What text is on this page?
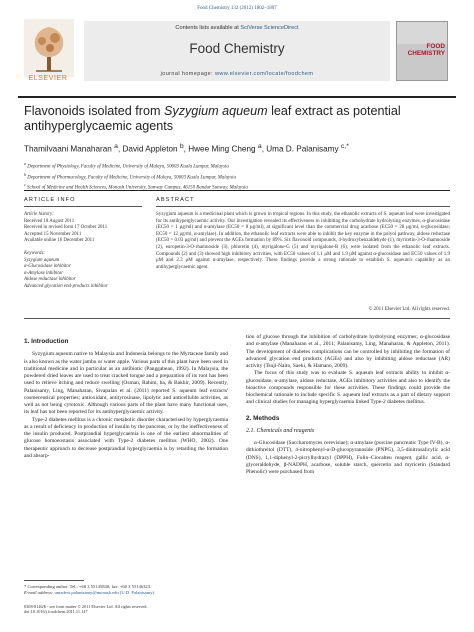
Food Chemistry 132 (2012) 1802–1807
ELSEVIER
Contents lists available at SciVerse ScienceDirect
Food Chemistry
journal homepage: www.elsevier.com/locate/foodchem
FOOD CHEMISTRY
Flavonoids isolated from Syzygium aqueum leaf extract as potential antihyperglycaemic agents
Thamilvaani Manaharan $^a$, David Appleton $^b$, Hwee Ming Cheng $^a$, Uma D. Palanisamy $^{c,*}$
$^a$ Department of Physiology, Faculty of Medicine, University of Malaya, 50603 Kuala Lumpur, Malaysia
$^b$ Department of Pharmacology, Faculty of Medicine, University of Malaya, 50603 Kuala Lumpur, Malaysia
$^c$ School of Medicine and Health Sciences, Monash University, Sunway Campus, 46150 Bandar Sunway, Malaysia
ARTICLE INFO	ABSTRACT
Article history:
Received 18 August 2011
Received in revised form 17 October 2011
Accepted 15 November 2011
Available online 16 December 2011
Keywords:
Syzygium aqueum
α-Glucosidase inhibitor
α-Amylase inhibitor
Aldose reductase inhibitor
Advanced glycation end-products inhibitor
Syzygium aqueum is a medicinal plant which is grown in tropical regions. In this study, the ethanolic extracts of S. aqueum leaf were investigated for its antihyperglycaemic activity. Our investigation revealed its effectiveness in inhibiting the carbohydrate hydrolysing enzymes, α-glucosidase (EC50 = 1 μg/ml) and α-amylase (EC50 = 8 μg/ml), at significant level than the commercial drug acarbose (EC50 = 28 μg/ml, α-glucosidase; EC50 = 12 μg/ml, α-amylase). In addition, the ethanolic leaf extracts were able to inhibit the key enzyme in the polyol pathway, aldose reductase (EC50 = 0.03 μg/ml) and prevent the AGEs formation by 89%. Six flavonoid compounds, 4-hydroxybenzaldehyde (1), myricetin-3-O-rhamnoside (2), europetin-3-O-rhamnoside (3), phloretin (4), myrigalone-G (5) and myrigalone-B (6), were isolated from the ethanolic leaf extracts. Compounds (2) and (3) showed high inhibitory activities, with EC50 values of 1.1 μM and 1.9 μM against α-glucosidase and EC50 values of 1.9 μM and 2.3 μM against α-amylase, respectively. These findings provide a strong rationale to establish S. aqueum's capability as an antihyperglycaemic agent.
© 2011 Elsevier Ltd. All rights reserved.
1. Introduction

Syzygium aqueum native to Malaysia and Indonesia belongs to the Myrtaceae family and is also known as the water jambu or water apple. Various parts of this plant have been used in traditional medicine and in particular as an antibiotic (Panggabean, 1992). In Malaysia, the powdered dried leaves are used to treat cracked tongue and a preparation of its root has been used to relieve itching and reduce swelling (Osman, Rahim, ba, & Bakhir, 2009). Recently, Palanisamy, Ling, Manaharan, Sivapalan et al. (2011) reported S. aqueum leaf extracts' cosmeceutical properties; antioxidant, antityrosinase, lipolytic and anticellulite activities, as well as not being cytotoxic. Although various parts of the plant have many functional uses, its leaf has not been reported for its antihyperglycaemic activity.

Type-2 diabetes mellitus is a chronic metabolic disorder characterised by hyperglycaemia as a result of deficiency in production of insulin by the pancreas, or by the ineffectiveness of the insulin produced. Postprandial hyperglycaemia is one of the earliest abnormalities of glucose homoeostasis associated with Type-2 diabetes mellitus (WHO, 2002). One therapeutic approach to decrease postprandial hyperglycaemia is by retarding the formation and absorp-

tion of glucose through the inhibition of carbohydrate hydrolysing enzymes; α-glucosidase and α-amylase (Manaharan et al., 2011; Palanisamy, Ling, Manaharan, & Appleton, 2011). The development of diabetes complications can be controlled by inhibiting the formation of advanced glycation end products (AGEs) and also by inhibiting aldose reductase (AR) activity (Tsuji-Naito, Saeki, & Hamano, 2009).

The focus of this study was to evaluate S. aqueum leaf extracts ability to inhibit α-glucosidase, α-amylase, aldose reductase, AGEs inhibitory activities and also to identify the bioactive compounds responsible for these activities. These findings could provide the biochemical rationale to include specific S. aqueum leaf extracts as a part of dietary support and clinical studies for managing hyperglycaemia linked Type-2 diabetes mellitus.

2. Methods
2.1. Chemicals and reagents

α-Glucosidase (Saccharomyces cerevisiae); α-amylase (porcine pancreatic Type IV-B), α-dithiothreitol (DTT), 4-nitrophenyl-α-D-glucopyranoside (PNPG), 3,5-dinitrosalicylic acid (DNS), 1,1-diphenyl-2-picrylhydrazyl (DPPH), Folin–Ciocalteu reagent, gallic acid, α-glyceraldehyde, β-NADPH, acarbose, soluble starch, quercetin and myricetin (Standard Phenolic) were purchased from

* Corresponding author. Tel.: +60 3 55145840; fax: +60 3 55146323.
E-mail address: umadevi.palanisamy@monash.edu (U.D. Palanisamy).
0308-8146/$ - see front matter © 2011 Elsevier Ltd. All rights reserved.
doi:10.1016/j.foodchem.2011.11.147
